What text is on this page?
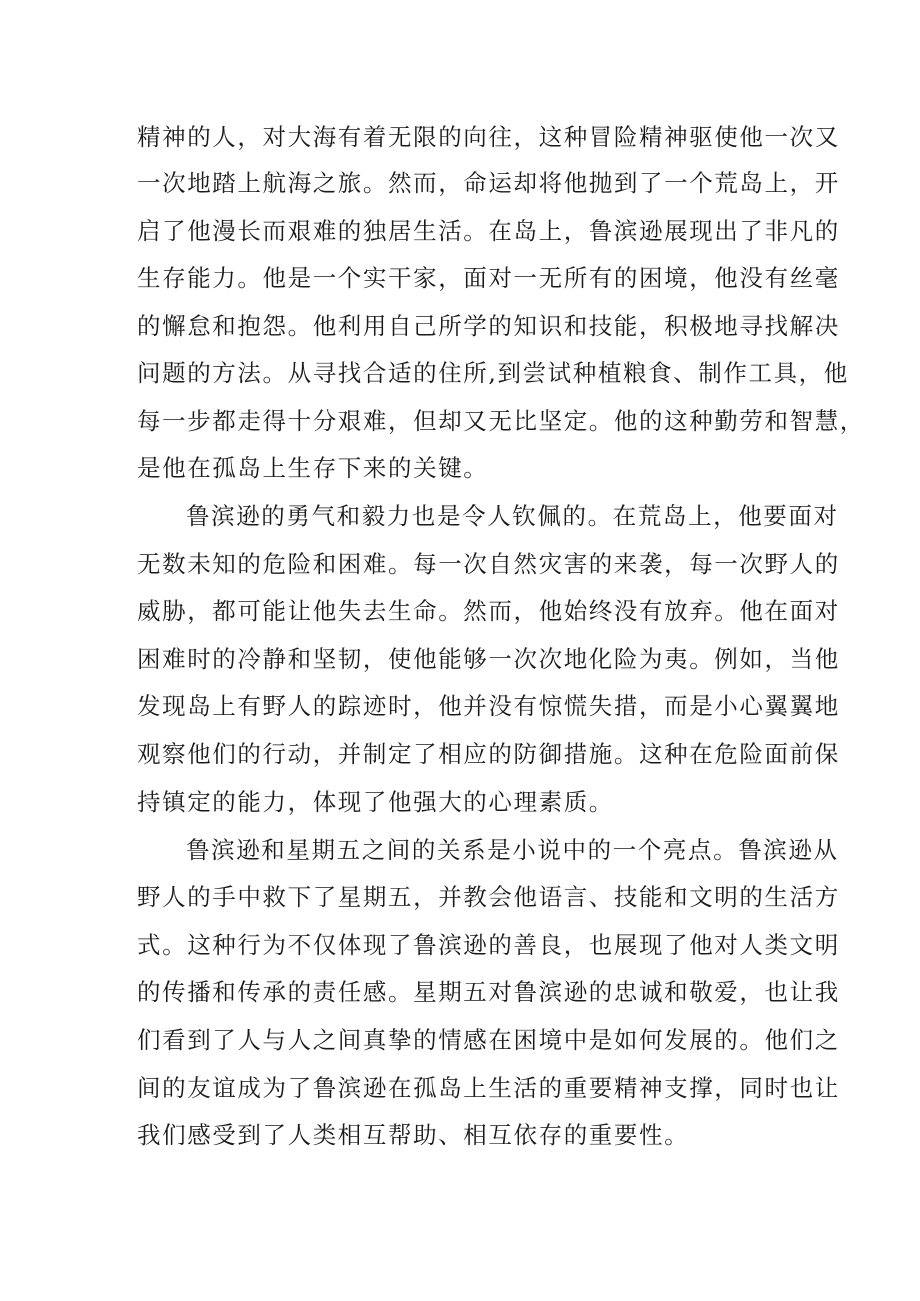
精神的人，对大海有着无限的向往，这种冒险精神驱使他一次又
一次地踏上航海之旅。然而，命运却将他抛到了一个荒岛上，开
启了他漫长而艰难的独居生活。在岛上，鲁滨逊展现出了非凡的
生存能力。他是一个实干家，面对一无所有的困境，他没有丝毫
的懈怠和抱怨。他利用自己所学的知识和技能，积极地寻找解决
问题的方法。从寻找合适的住所,到尝试种植粮食、制作工具，他
每一步都走得十分艰难，但却又无比坚定。他的这种勤劳和智慧，
是他在孤岛上生存下来的关键。
鲁滨逊的勇气和毅力也是令人钦佩的。在荒岛上，他要面对
无数未知的危险和困难。每一次自然灾害的来袭，每一次野人的
威胁，都可能让他失去生命。然而，他始终没有放弃。他在面对
困难时的冷静和坚韧，使他能够一次次地化险为夷。例如，当他
发现岛上有野人的踪迹时，他并没有惊慌失措，而是小心翼翼地
观察他们的行动，并制定了相应的防御措施。这种在危险面前保
持镇定的能力，体现了他强大的心理素质。
鲁滨逊和星期五之间的关系是小说中的一个亮点。鲁滨逊从
野人的手中救下了星期五，并教会他语言、技能和文明的生活方
式。这种行为不仅体现了鲁滨逊的善良，也展现了他对人类文明
的传播和传承的责任感。星期五对鲁滨逊的忠诚和敬爱，也让我
们看到了人与人之间真挚的情感在困境中是如何发展的。他们之
间的友谊成为了鲁滨逊在孤岛上生活的重要精神支撑，同时也让
我们感受到了人类相互帮助、相互依存的重要性。
